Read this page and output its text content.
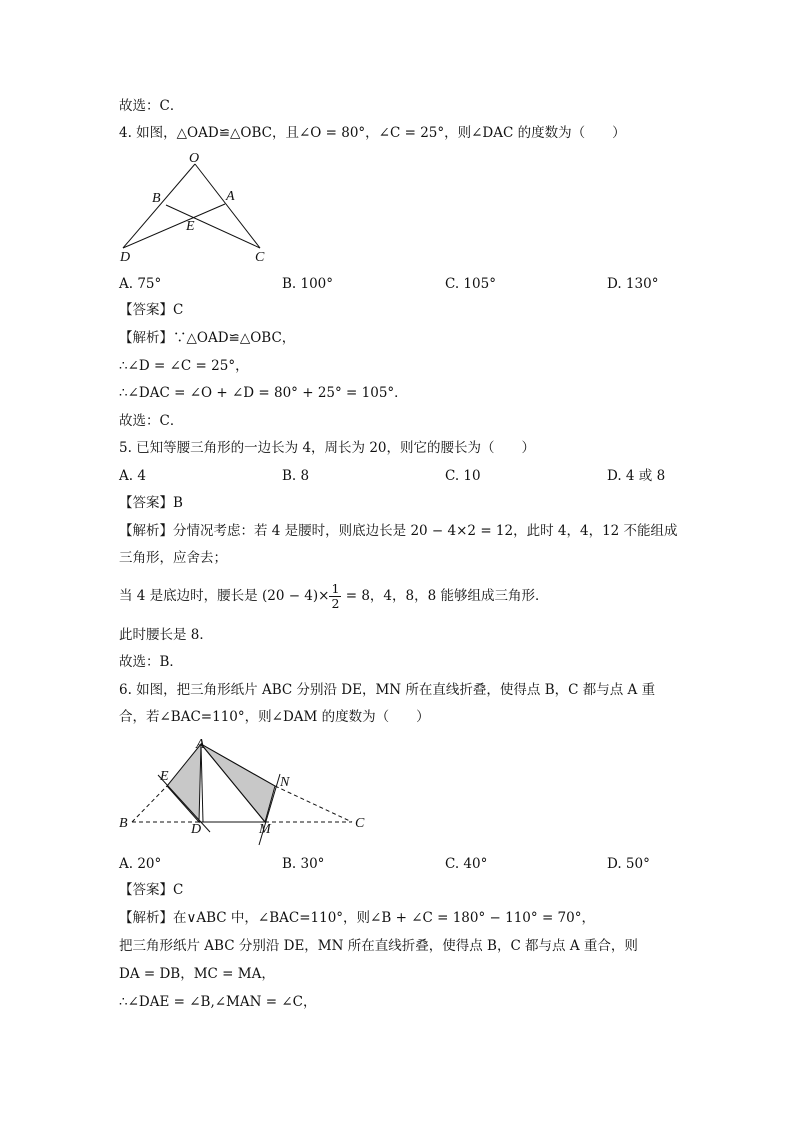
故选：C．
4. 如图，△OAD≌△OBC，且∠O = 80°，∠C = 25°，则∠DAC 的度数为（　　）
O
B	A
E
D	C
A. 75°	B. 100°	C. 105°	D. 130°
【答案】C
【解析】∵△OAD≌△OBC，
∴∠D = ∠C = 25°，
∴∠DAC = ∠O + ∠D = 80° + 25° = 105°．
故选：C．
5. 已知等腰三角形的一边长为 4，周长为 20，则它的腰长为（　　）
A. 4	B. 8	C. 10	D. 4 或 8
【答案】B
【解析】分情况考虑：若 4 是腰时，则底边长是 20 − 4×2 = 12，此时 4，4，12 不能组成
三角形，应舍去；
当 4 是底边时，腰长是 $(20 - 4)\times \frac{1}{2} = 8$，4，8，8 能够组成三角形．
此时腰长是 8．
故选：B．
6. 如图，把三角形纸片 ABC 分别沿 DE，MN 所在直线折叠，使得点 B，C 都与点 A 重
合，若∠BAC=110°，则∠DAM 的度数为（　　）
A
E	N
B	D	M	C
A. 20°	B. 30°	C. 40°	D. 50°
【答案】C
【解析】在∨ABC 中，∠BAC=110°，则∠B + ∠C = 180° − 110° = 70°，
把三角形纸片 ABC 分别沿 DE，MN 所在直线折叠，使得点 B，C 都与点 A 重合，则
DA = DB，MC = MA，
∴∠DAE = ∠B,∠MAN = ∠C，
